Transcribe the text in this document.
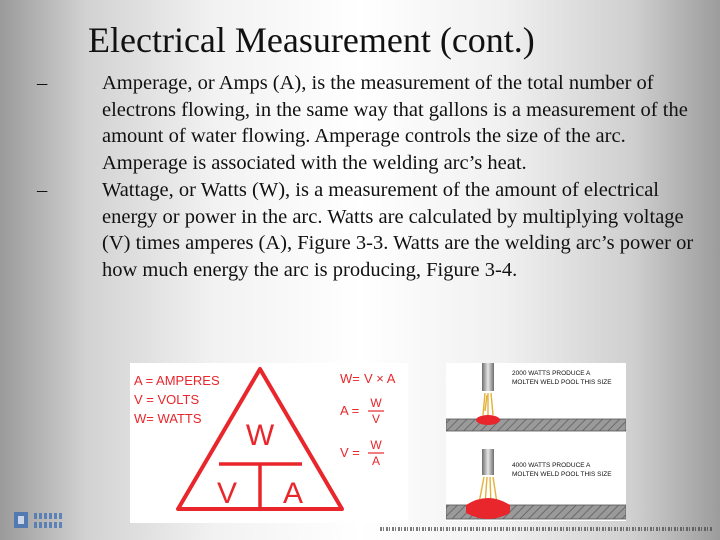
Electrical Measurement (cont.)
–	Amperage, or Amps (A), is the measurement of the total number of electrons flowing, in the same way that gallons is a measurement of the amount of water flowing. Amperage controls the size of the arc. Amperage is associated with the welding arc’s heat.
–	Wattage, or Watts (W), is a measurement of the amount of electrical energy or power in the arc. Watts are calculated by multiplying voltage (V) times amperes (A), Figure 3-3. Watts are the welding arc’s power or how much energy the arc is producing, Figure 3-4.
A = AMPERES
V = VOLTS
W= WATTS
W
V A
W= V × A
A = W
V
V = W
A
2000 WATTS PRODUCE A
MOLTEN WELD POOL THIS SIZE
4000 WATTS PRODUCE A
MOLTEN WELD POOL THIS SIZE
